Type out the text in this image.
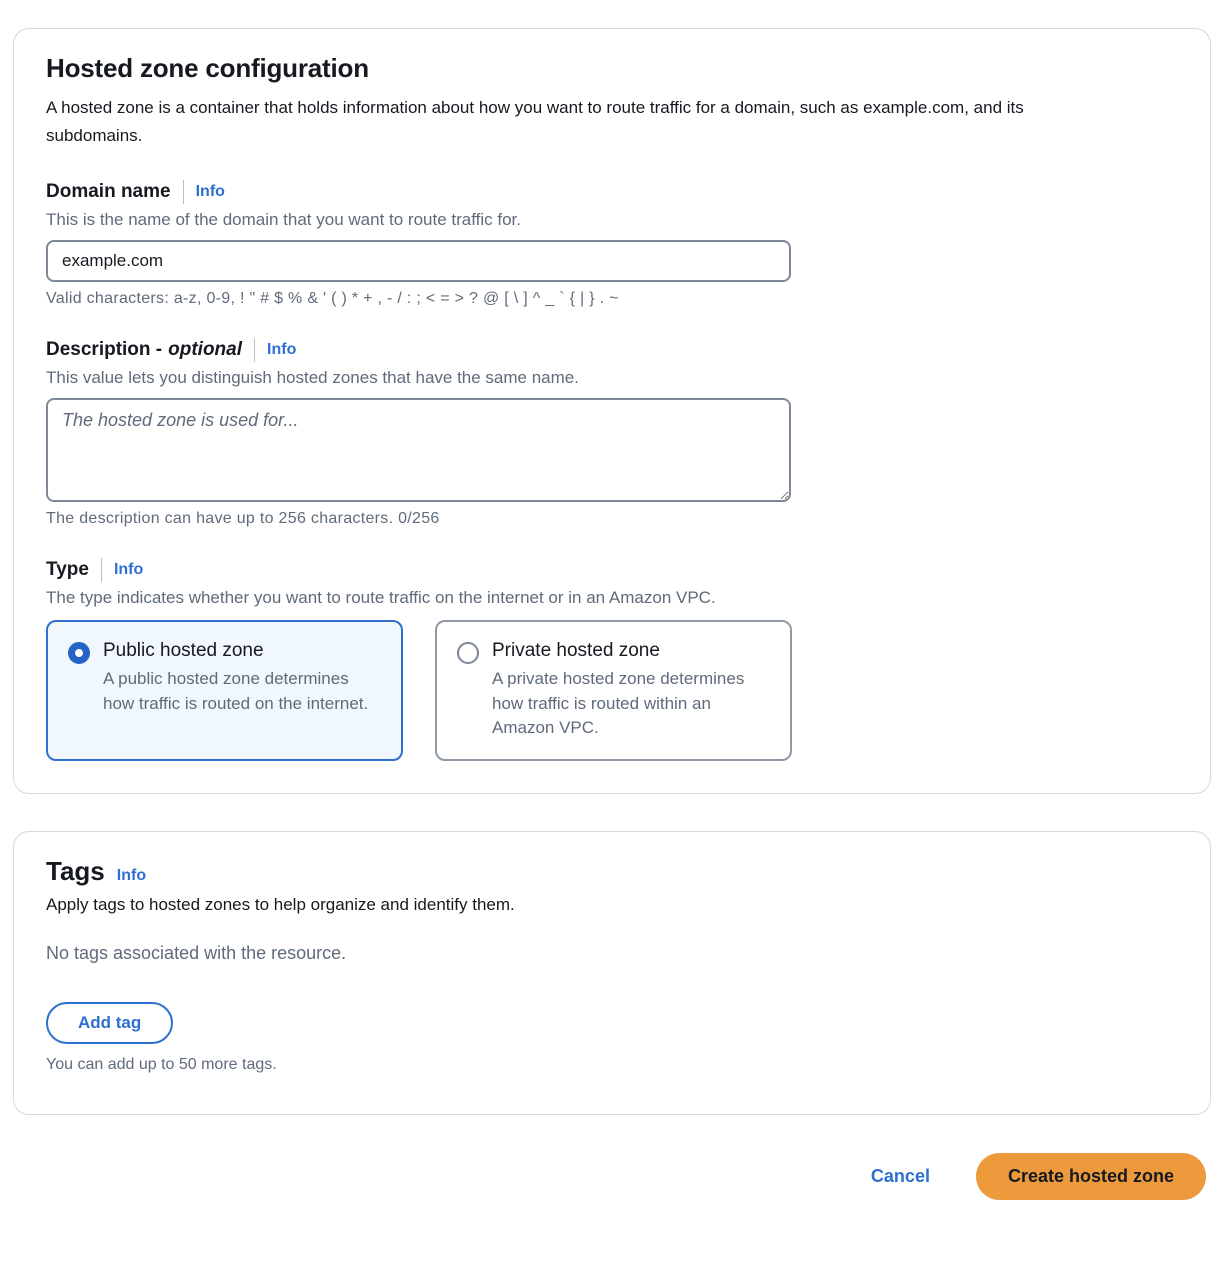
Hosted zone configuration

A hosted zone is a container that holds information about how you want to route traffic for a domain, such as example.com, and its subdomains.

Domain name Info
This is the name of the domain that you want to route traffic for.
example.com
Valid characters: a-z, 0-9, ! " # $ % & ' ( ) * + , - / : ; < = > ? @ [ \ ] ^ _ ` { | } . ~
Description - optional Info
This value lets you distinguish hosted zones that have the same name.
The hosted zone is used for...
The description can have up to 256 characters. 0/256
Type Info
The type indicates whether you want to route traffic on the internet or in an Amazon VPC.
Public hosted zone
A public hosted zone determines how traffic is routed on the internet.
Private hosted zone
A private hosted zone determines how traffic is routed within an Amazon VPC.
Tags Info

Apply tags to hosted zones to help organize and identify them.

No tags associated with the resource.
Add tag
You can add up to 50 more tags.
Cancel	Create hosted zone
